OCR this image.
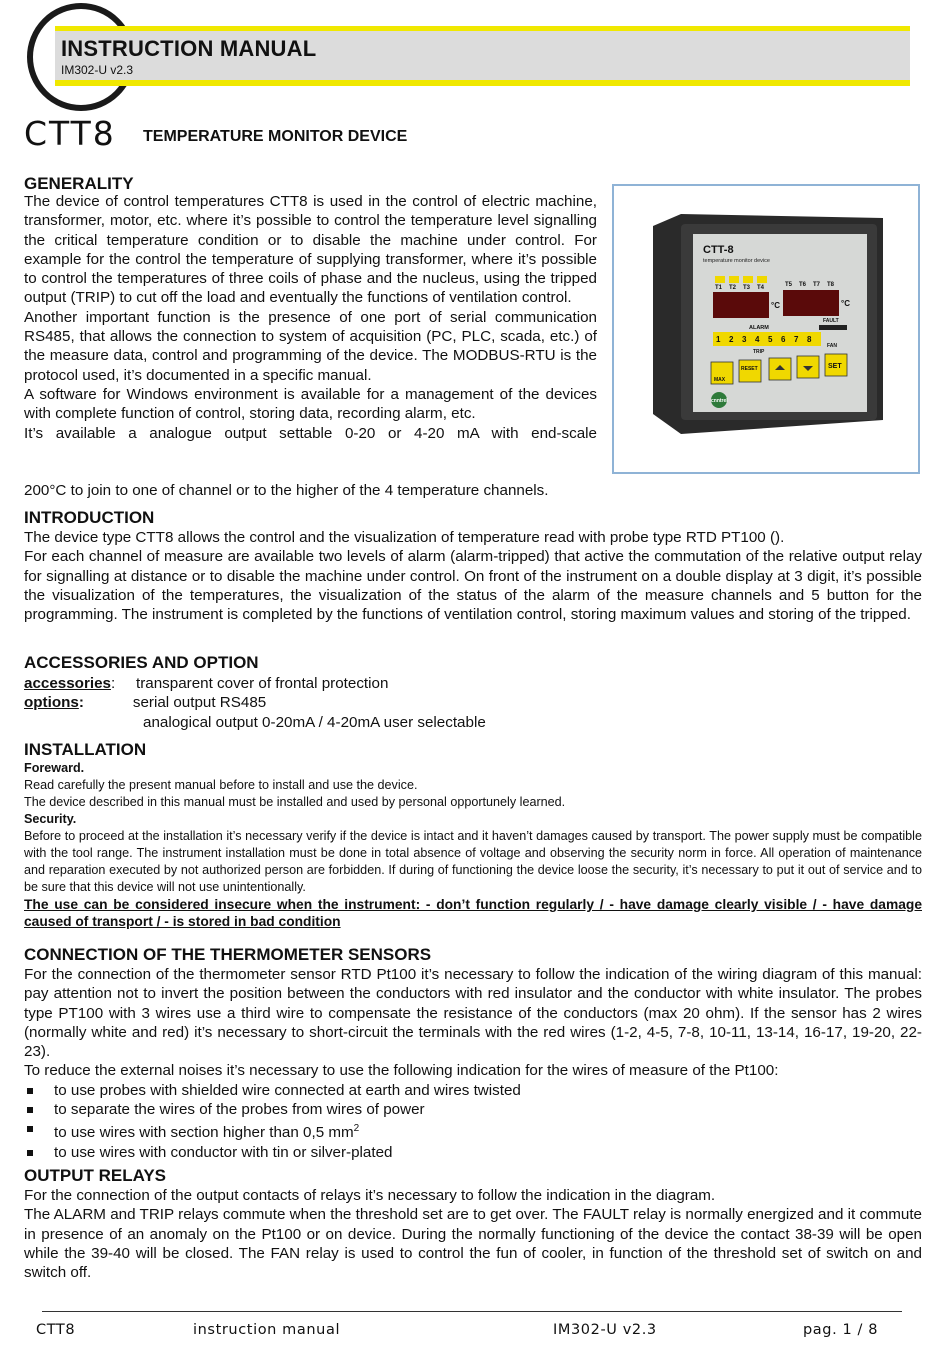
INSTRUCTION MANUAL
IM302-U v2.3
CTT8 TEMPERATURE MONITOR DEVICE
GENERALITY
The device of control temperatures CTT8 is used in the control of electric machine, transformer, motor, etc. where it’s possible to control the temperature level signalling the critical temperature condition or to disable the machine under control. For example for the control the temperature of supplying transformer, where it’s possible to control the temperatures of three coils of phase and the nucleus, using the tripped output (TRIP) to cut off the load and eventually the functions of ventilation control.
Another important function is the presence of one port of serial communication RS485, that allows the connection to system of acquisition (PC, PLC, scada, etc.) of the measure data, control and programming of the device. The MODBUS-RTU is the protocol used, it’s documented in a specific manual.
A software for Windows environment is available for a management of the devices with complete function of control, storing data, recording alarm, etc.
It’s available a analogue output settable 0-20 or 4-20 mA with end-scale
200°C to join to one of channel or to the higher of the 4 temperature channels.
CTT-8
temperature monitor device
T1 T2 T3 T4	T5 T6 T7 T8
°C	°C
FAULT
FAN
ALARM
1 2 3 4 5 6 7 8
TRIP
MAX
RESET	SET
cnntrel
INTRODUCTION
The device type CTT8 allows the control and the visualization of temperature read with probe type RTD PT100 ().
For each channel of measure are available two levels of alarm (alarm-tripped) that active the commutation of the relative output relay for signalling at distance or to disable the machine under control. On front of the instrument on a double display at 3 digit, it’s possible the visualization of the temperatures, the visualization of the status of the alarm of the measure channels and 5 button for the programming. The instrument is completed by the functions of ventilation control, storing maximum values and storing of the tripped.
ACCESSORIES AND OPTION
accessories: transparent cover of frontal protection
options:	serial output RS485
analogical output 0-20mA / 4-20mA user selectable
INSTALLATION
Foreward.
Read carefully the present manual before to install and use the device.
The device described in this manual must be installed and used by personal opportunely learned.
Security.
Before to proceed at the installation it’s necessary verify if the device is intact and it haven’t damages caused by transport. The power supply must be compatible with the tool range. The instrument installation must be done in total absence of voltage and observing the security norm in force. All operation of maintenance and reparation executed by not authorized person are forbidden. If during of functioning the device loose the security, it’s necessary to put it out of service and to be sure that this device will not use unintentionally.
The use can be considered insecure when the instrument: - don’t function regularly / - have damage clearly visible / - have damage caused of transport / - is stored in bad condition
CONNECTION OF THE THERMOMETER SENSORS
For the connection of the thermometer sensor RTD Pt100 it’s necessary to follow the indication of the wiring diagram of this manual: pay attention not to invert the position between the conductors with red insulator and the conductor with white insulator. The probes type PT100 with 3 wires use a third wire to compensate the resistance of the conductors (max 20 ohm). If the sensor has 2 wires (normally white and red) it’s necessary to short-circuit the terminals with the red wires (1-2, 4-5, 7-8, 10-11, 13-14, 16-17, 19-20, 22-23).
To reduce the external noises it’s necessary to use the following indication for the wires of measure of the Pt100:
to use probes with shielded wire connected at earth and wires twisted
to separate the wires of the probes from wires of power
to use wires with section higher than 0,5 $mm^2$
to use wires with conductor with tin or silver-plated
OUTPUT RELAYS
For the connection of the output contacts of relays it’s necessary to follow the indication in the diagram.
The ALARM and TRIP relays commute when the threshold set are to get over. The FAULT relay is normally energized and it commute in presence of an anomaly on the Pt100 or on device. During the normally functioning of the device the contact 38-39 will be open while the 39-40 will be closed. The FAN relay is used to control the fun of cooler, in function of the threshold set of switch on and switch off.
CTT8	instruction manual	IM302-U v2.3	pag. 1 / 8
